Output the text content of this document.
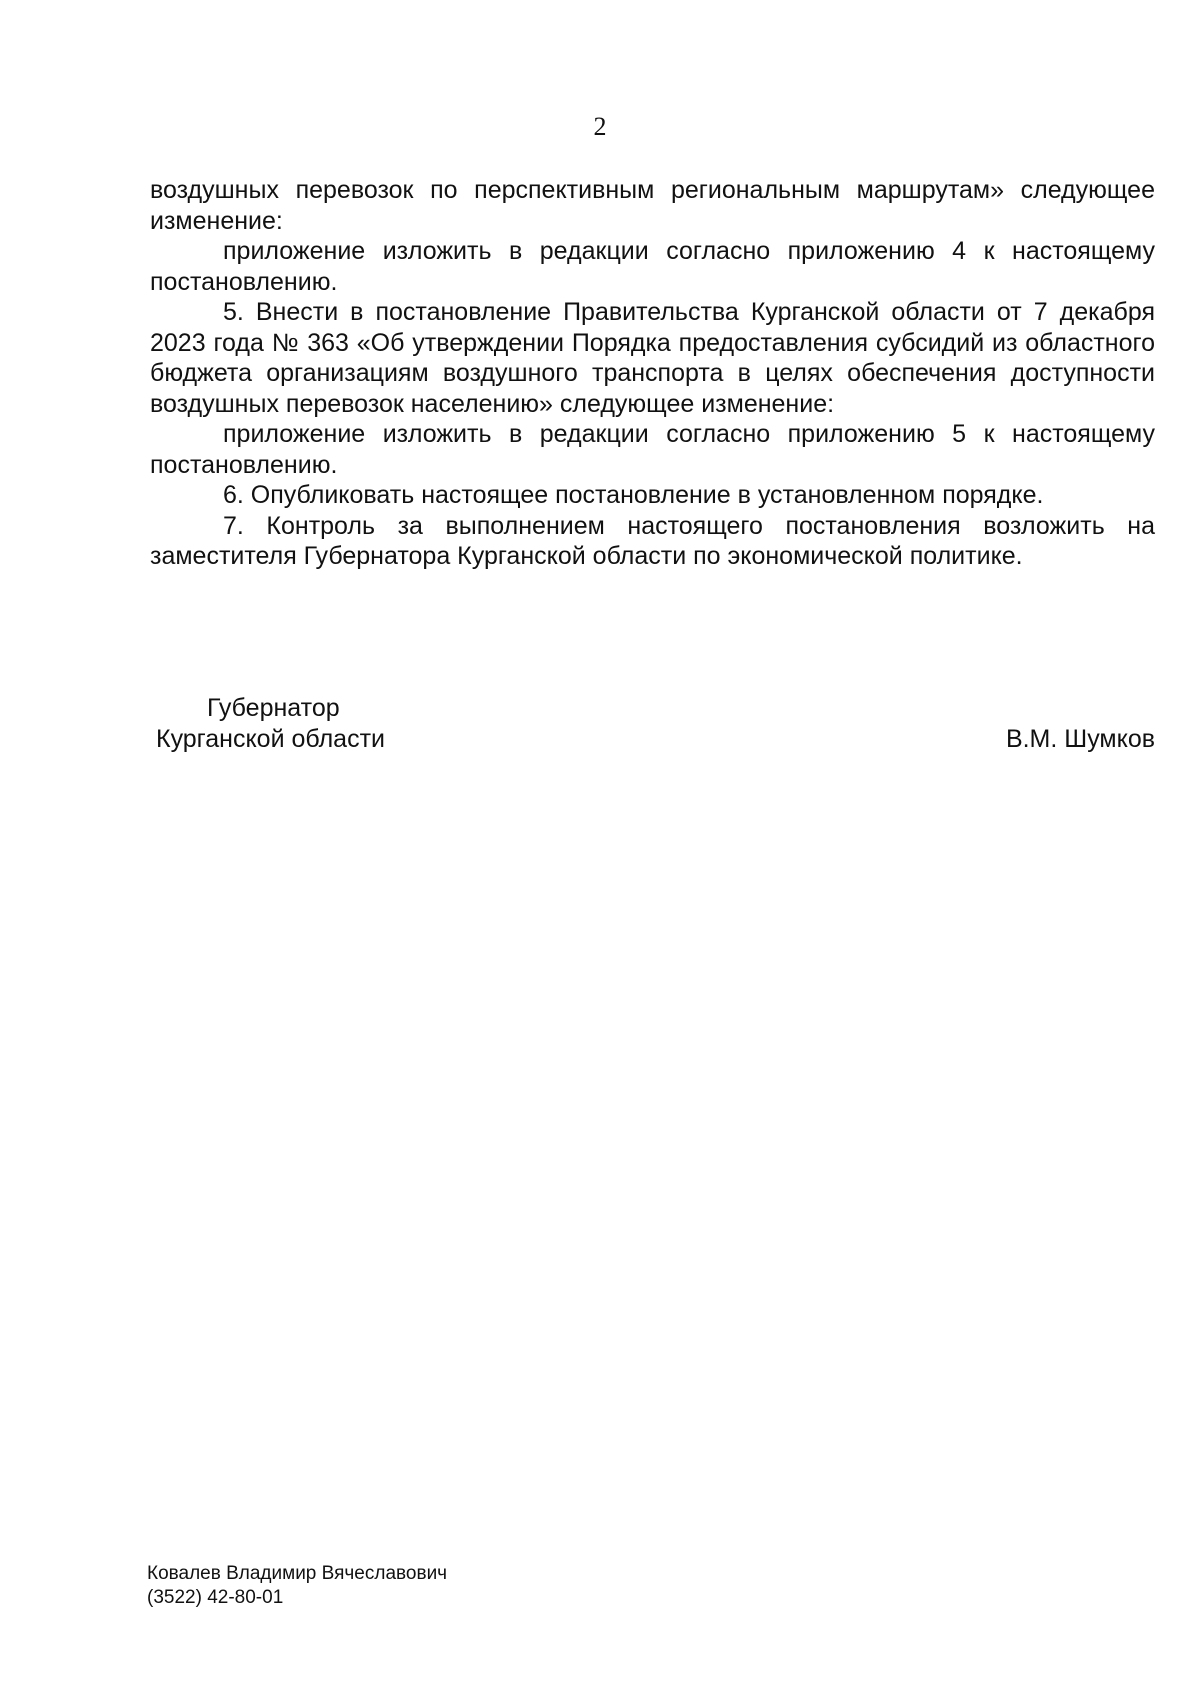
2

воздушных перевозок по перспективным региональным маршрутам» следующее изменение:

приложение изложить в редакции согласно приложению 4 к настоящему постановлению.

5. Внести в постановление Правительства Курганской области от 7 декабря 2023 года № 363 «Об утверждении Порядка предоставления субсидий из областного бюджета организациям воздушного транспорта в целях обеспечения доступности воздушных перевозок населению» следующее изменение:

приложение изложить в редакции согласно приложению 5 к настоящему постановлению.

6. Опубликовать настоящее постановление в установленном порядке.

7. Контроль за выполнением настоящего постановления возложить на заместителя Губернатора Курганской области по экономической политике.

Губернатор
Курганской области	В.М. Шумков
Ковалев Владимир Вячеславович
(3522) 42-80-01
